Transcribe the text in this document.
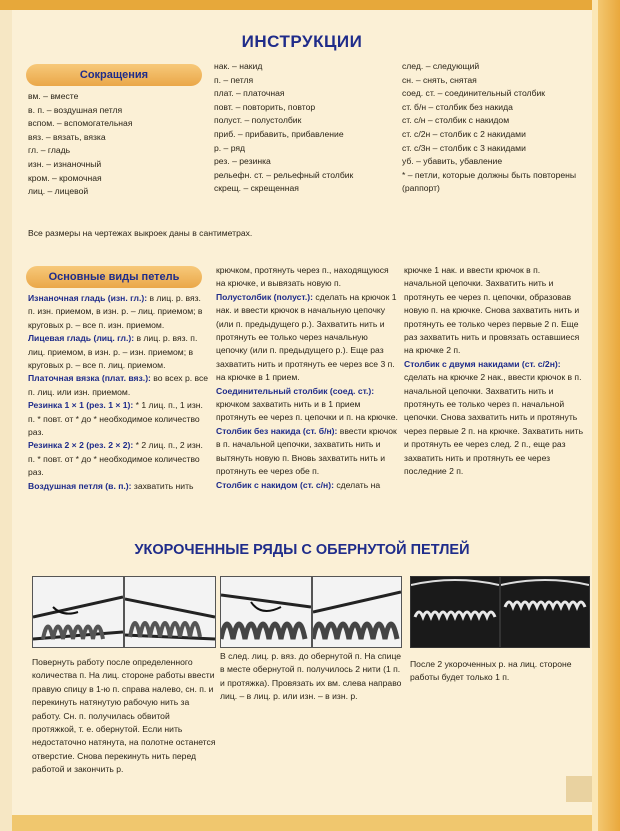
ИНСТРУКЦИИ
Сокращения
вм. – вместе
в. п. – воздушная петля
вспом. – вспомогательная
вяз. – вязать, вязка
гл. – гладь
изн. – изнаночный
кром. – кромочная
лиц. – лицевой
нак. – накид
п. – петля
плат. – платочная
повт. – повторить, повтор
полуст. – полустолбик
приб. – прибавить, прибавление
р. – ряд
рез. – резинка
рельефн. ст. – рельефный столбик
скрещ. – скрещенная
след. – следующий
сн. – снять, снятая
соед. ст. – соединительный столбик
ст. б/н – столбик без накида
ст. с/н – столбик с накидом
ст. с/2н – столбик с 2 накидами
ст. с/3н – столбик с 3 накидами
уб. – убавить, убавление
* – петли, которые должны быть повторены
(раппорт)
Все размеры на чертежах выкроек даны в сантиметрах.
Основные виды петель

Изнаночная гладь (изн. гл.): в лиц. р. вяз. п. изн. приемом, в изн. р. – лиц. приемом; в круговых р. – все п. изн. приемом.

Лицевая гладь (лиц. гл.): в лиц. р. вяз. п. лиц. приемом, в изн. р. – изн. приемом; в круговых р. – все п. лиц. приемом.

Платочная вязка (плат. вяз.): во всех р. все п. лиц. или изн. приемом.

Резинка 1 × 1 (рез. 1 × 1): * 1 лиц. п., 1 изн. п. * повт. от * до * необходимое количество раз.

Резинка 2 × 2 (рез. 2 × 2): * 2 лиц. п., 2 изн. п. * повт. от * до * необходимое количество раз.

Воздушная петля (в. п.): захватить нить

крючком, протянуть через п., находящуюся на крючке, и вывязать новую п.

Полустолбик (полуст.): сделать на крючок 1 нак. и ввести крючок в начальную цепочку (или п. предыдущего р.). Захватить нить и протянуть ее только через начальную цепочку (или п. предыдущего р.). Еще раз захватить нить и протянуть ее через все 3 п. на крючке в 1 прием.

Соединительный столбик (соед. ст.): крючком захватить нить и в 1 прием протянуть ее через п. цепочки и п. на крючке.

Столбик без накида (ст. б/н): ввести крючок в п. начальной цепочки, захватить нить и вытянуть новую п. Вновь захватить нить и протянуть ее через обе п.

Столбик с накидом (ст. с/н): сделать на

крючке 1 нак. и ввести крючок в п. начальной цепочки. Захватить нить и протянуть ее через п. цепочки, образовав новую п. на крючке. Снова захватить нить и протянуть ее только через первые 2 п. Еще раз захватить нить и провязать оставшиеся на крючке 2 п.

Столбик с двумя накидами (ст. с/2н): сделать на крючке 2 нак., ввести крючок в п. начальной цепочки. Захватить нить и протянуть ее только через п. начальной цепочки. Снова захватить нить и протянуть через первые 2 п. на крючке. Захватить нить и протянуть ее через след. 2 п., еще раз захватить нить и протянуть ее через последние 2 п.

УКОРОЧЕННЫЕ РЯДЫ С ОБЕРНУТОЙ ПЕТЛЕЙ

Повернуть работу после определенного количества п. На лиц. стороне работы ввести правую спицу в 1-ю п. справа налево, сн. п. и перекинуть натянутую рабочую нить за работу. Сн. п. получилась обвитой протяжкой, т. е. обернутой. Если нить недостаточно натянута, на полотне останется отверстие. Снова перекинуть нить перед работой и закончить р.

В след. лиц. р. вяз. до обернутой п. На спице в месте обернутой п. получилось 2 нити (1 п. и протяжка). Провязать их вм. слева направо лиц. – в лиц. р. или изн. – в изн. р.

После 2 укороченных р. на лиц. стороне работы будет только 1 п.
